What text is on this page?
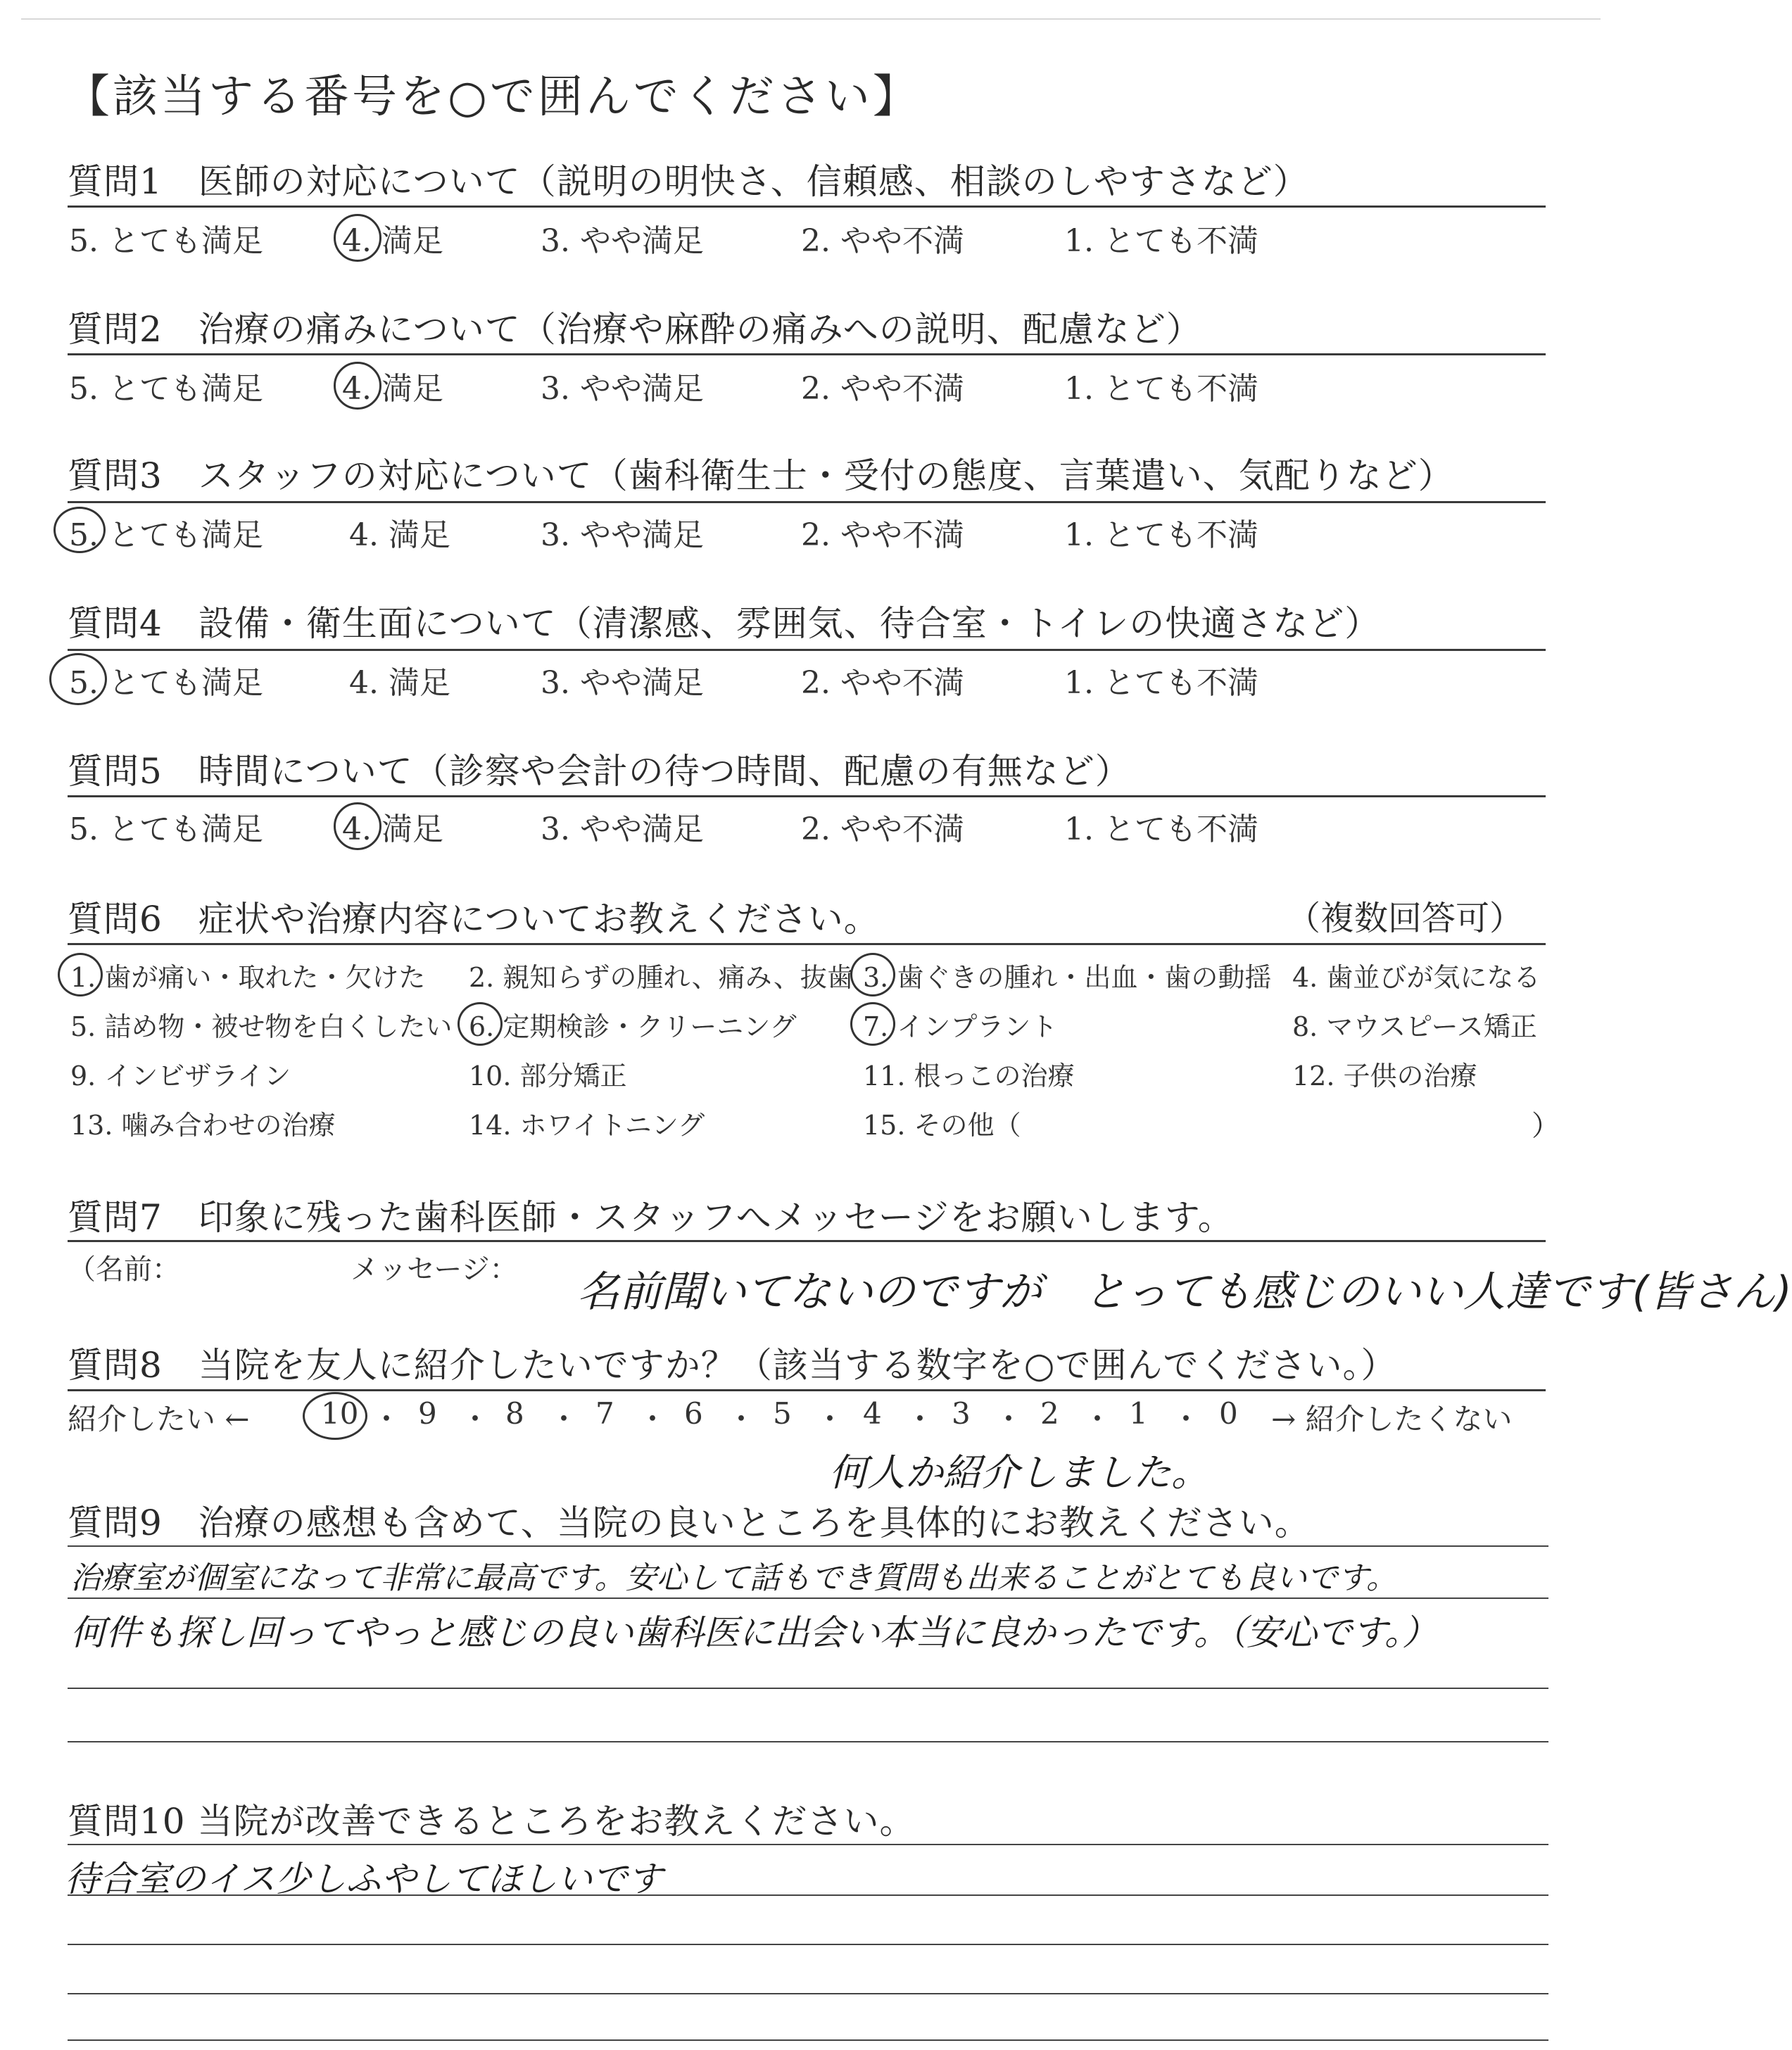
【該当する番号を○で囲んでください】
質問1　医師の対応について（説明の明快さ、信頼感、相談のしやすさなど）
5. とても満足	4. 満足	3. やや満足	2. やや不満	1. とても不満
質問2　治療の痛みについて（治療や麻酔の痛みへの説明、配慮など）
5. とても満足	4. 満足	3. やや満足	2. やや不満	1. とても不満
質問3　スタッフの対応について（歯科衛生士・受付の態度、言葉遣い、気配りなど）
5. とても満足	4. 満足	3. やや満足	2. やや不満	1. とても不満
質問4　設備・衛生面について（清潔感、雰囲気、待合室・トイレの快適さなど）
5. とても満足	4. 満足	3. やや満足	2. やや不満	1. とても不満
質問5　時間について（診察や会計の待つ時間、配慮の有無など）
5. とても満足	4. 満足	3. やや満足	2. やや不満	1. とても不満
質問6　症状や治療内容についてお教えください。	（複数回答可）
1. 歯が痛い・取れた・欠けた 2. 親知らずの腫れ、痛み、抜歯 3. 歯ぐきの腫れ・出血・歯の動揺 4. 歯並びが気になる
5. 詰め物・被せ物を白くしたい 6. 定期検診・クリーニング 7. インプラント	8. マウスピース矯正
9. インビザライン	10. 部分矯正	11. 根っこの治療	12. 子供の治療
13. 噛み合わせの治療	14. ホワイトニング	15. その他（	）
質問7　印象に残った歯科医師・スタッフへメッセージをお願いします。
（名前：	メッセージ： 名前聞いてないのですが　とっても感じのいい人達です(皆さん)
質問8　当院を友人に紹介したいですか？（該当する数字を○で囲んでください。）
紹介したい ← 10 9 8 7 6 5 4 3 2 1 0
・ ・ ・ ・ ・ ・ ・ ・ ・ ・ → 紹介したくない
何人か紹介しました。
質問9　治療の感想も含めて、当院の良いところを具体的にお教えください。
治療室が個室になって非常に最高です。安心して話もでき質問も出来ることがとても良いです。
何件も探し回ってやっと感じの良い歯科医に出会い本当に良かったです。（安心です。）
質問10 当院が改善できるところをお教えください。
待合室のイス少しふやしてほしいです
